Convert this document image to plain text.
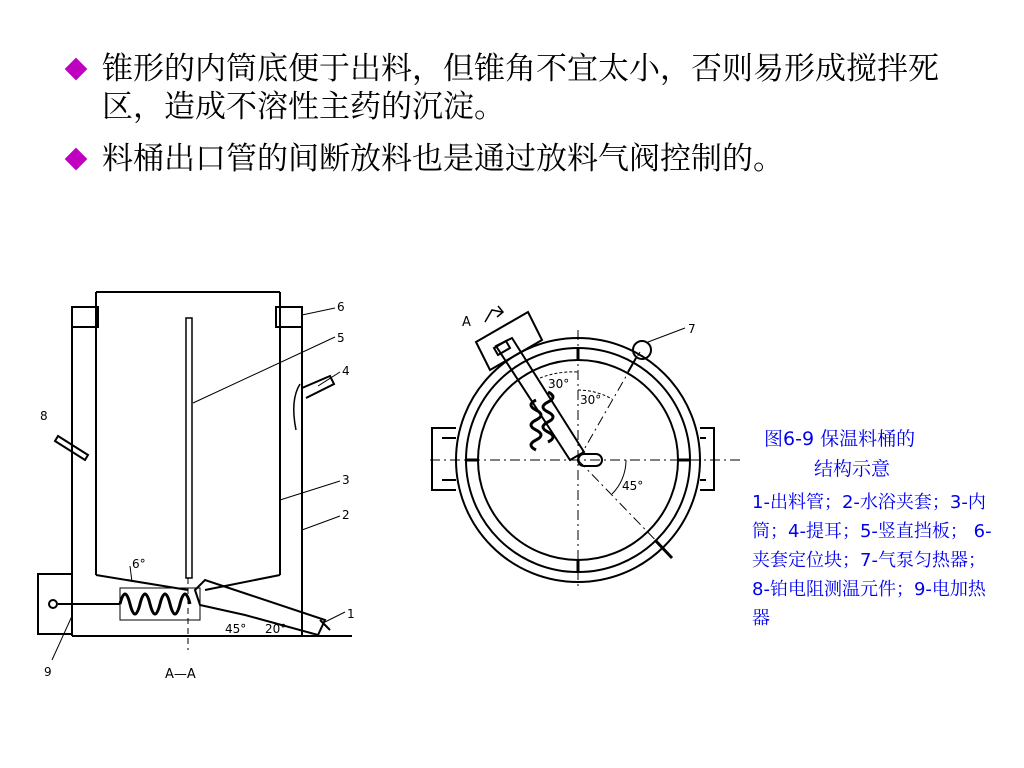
锥形的内筒底便于出料，但锥角不宜太小，否则易形成搅拌死区，造成不溶性主药的沉淀。
料桶出口管的间断放料也是通过放料气阀控制的。
6
5
4
3
2
1
8
9
6°
45° 20°
A—A
7
30°
30°
45°
A
图6-9 保温料桶的
结构示意
1-出料管；2-水浴夹套；3-内筒；4-提耳；5-竖直挡板； 6-夹套定位块；7-气泵匀热器；8-铂电阻测温元件；9-电加热器
